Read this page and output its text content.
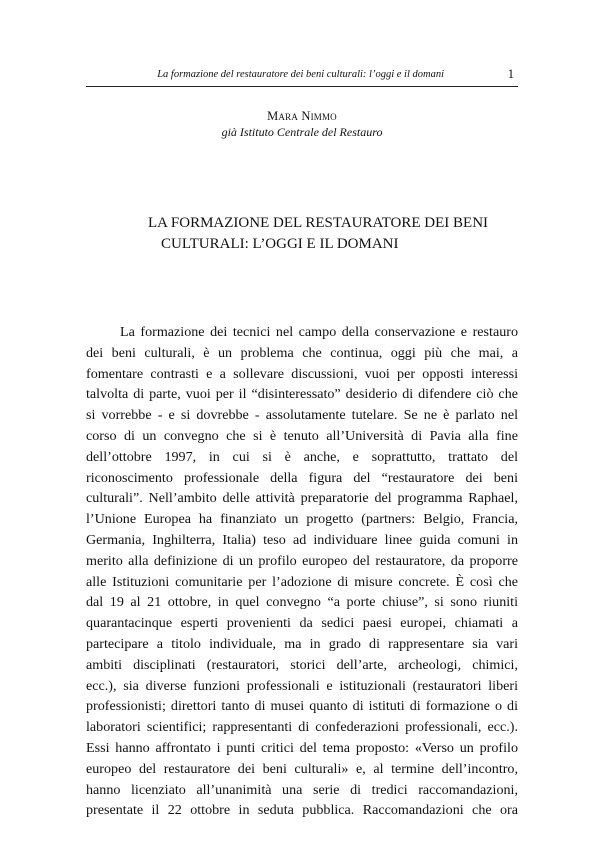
La formazione del restauratore dei beni culturali: l’oggi e il domani	1
Mara Nimmo
già Istituto Centrale del Restauro
LA FORMAZIONE DEL RESTAURATORE DEI BENI
CULTURALI: L’OGGI E IL DOMANI
La formazione dei tecnici nel campo della conservazione e restauro
dei beni culturali, è un problema che continua, oggi più che mai, a
fomentare contrasti e a sollevare discussioni, vuoi per opposti interessi
talvolta di parte, vuoi per il “disinteressato” desiderio di difendere ciò che
si vorrebbe - e si dovrebbe - assolutamente tutelare. Se ne è parlato nel
corso di un convegno che si è tenuto all’Università di Pavia alla fine
dell’ottobre 1997, in cui si è anche, e soprattutto, trattato del
riconoscimento professionale della figura del “restauratore dei beni
culturali”. Nell’ambito delle attività preparatorie del programma Raphael,
l’Unione Europea ha finanziato un progetto (partners: Belgio, Francia,
Germania, Inghilterra, Italia) teso ad individuare linee guida comuni in
merito alla definizione di un profilo europeo del restauratore, da proporre
alle Istituzioni comunitarie per l’adozione di misure concrete. È così che
dal 19 al 21 ottobre, in quel convegno “a porte chiuse”, si sono riuniti
quarantacinque esperti provenienti da sedici paesi europei, chiamati a
partecipare a titolo individuale, ma in grado di rappresentare sia vari
ambiti disciplinati (restauratori, storici dell’arte, archeologi, chimici,
ecc.), sia diverse funzioni professionali e istituzionali (restauratori liberi
professionisti; direttori tanto di musei quanto di istituti di formazione o di
laboratori scientifici; rappresentanti di confederazioni professionali, ecc.).
Essi hanno affrontato i punti critici del tema proposto: «Verso un profilo
europeo del restauratore dei beni culturali» e, al termine dell’incontro,
hanno licenziato all’unanimità una serie di tredici raccomandazioni,
presentate il 22 ottobre in seduta pubblica. Raccomandazioni che ora
